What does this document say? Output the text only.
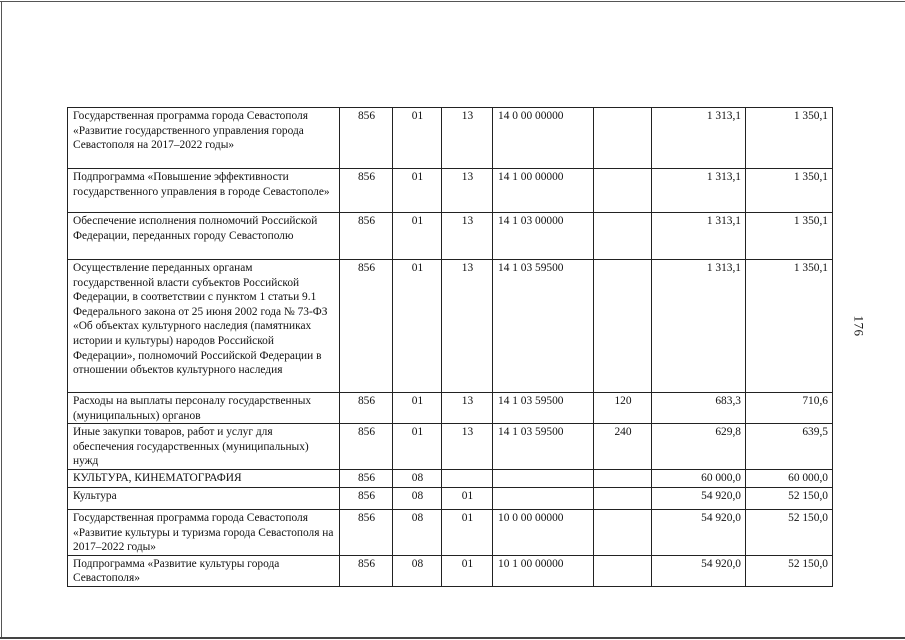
Государственная программа города Севастополя «Развитие государственного управления города Севастополя на 2017–2022 годы»	856	01	13	14 0 00 00000		1 313,1	1 350,1
Подпрограмма «Повышение эффективности государственного управления в городе Севастополе»	856	01	13	14 1 00 00000		1 313,1	1 350,1
Обеспечение исполнения полномочий Российской Федерации, переданных городу Севастополю	856	01	13	14 1 03 00000		1 313,1	1 350,1
Осуществление переданных органам государственной власти субъектов Российской Федерации, в соответствии с пунктом 1 статьи 9.1 Федерального закона от 25 июня 2002 года № 73-ФЗ «Об объектах культурного наследия (памятниках истории и культуры) народов Российской Федерации», полномочий Российской Федерации в отношении объектов культурного наследия	856	01	13	14 1 03 59500		1 313,1	1 350,1
Расходы на выплаты персоналу государственных (муниципальных) органов	856	01	13	14 1 03 59500	120	683,3	710,6
Иные закупки товаров, работ и услуг для обеспечения государственных (муниципальных) нужд	856	01	13	14 1 03 59500	240	629,8	639,5
КУЛЬТУРА, КИНЕМАТОГРАФИЯ	856	08				60 000,0	60 000,0
Культура	856	08	01			54 920,0	52 150,0
Государственная программа города Севастополя «Развитие культуры и туризма города Севастополя на 2017–2022 годы»	856	08	01	10 0 00 00000		54 920,0	52 150,0
Подпрограмма «Развитие культуры города Севастополя»	856	08	01	10 1 00 00000		54 920,0	52 150,0
176
